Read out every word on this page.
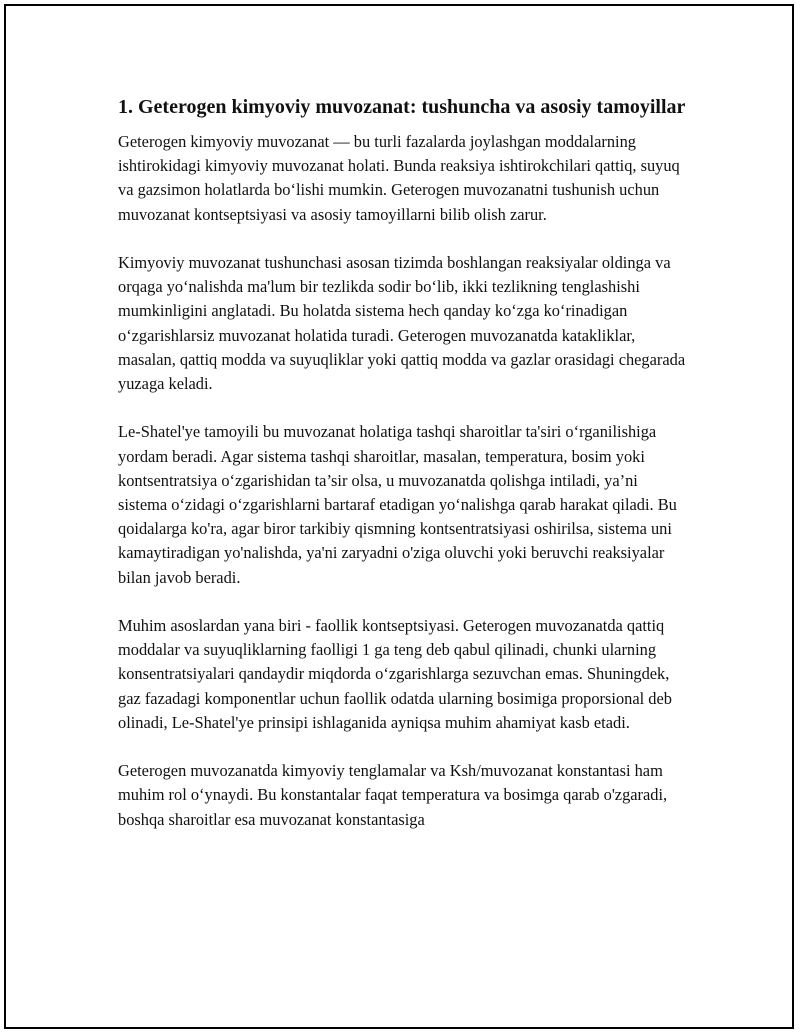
1. Geterogen kimyoviy muvozanat: tushuncha va asosiy tamoyillar

Geterogen kimyoviy muvozanat — bu turli fazalarda joylashgan moddalarning ishtirokidagi kimyoviy muvozanat holati. Bunda reaksiya ishtirokchilari qattiq, suyuq va gazsimon holatlarda bo‘lishi mumkin. Geterogen muvozanatni tushunish uchun muvozanat kontseptsiyasi va asosiy tamoyillarni bilib olish zarur.

Kimyoviy muvozanat tushunchasi asosan tizimda boshlangan reaksiyalar oldinga va orqaga yo‘nalishda ma'lum bir tezlikda sodir bo‘lib, ikki tezlikning tenglashishi mumkinligini anglatadi. Bu holatda sistema hech qanday ko‘zga ko‘rinadigan o‘zgarishlarsiz muvozanat holatida turadi. Geterogen muvozanatda katakliklar, masalan, qattiq modda va suyuqliklar yoki qattiq modda va gazlar orasidagi chegarada yuzaga keladi.

Le-Shatel'ye tamoyili bu muvozanat holatiga tashqi sharoitlar ta'siri o‘rganilishiga yordam beradi. Agar sistema tashqi sharoitlar, masalan, temperatura, bosim yoki kontsentratsiya o‘zgarishidan ta’sir olsa, u muvozanatda qolishga intiladi, ya’ni sistema o‘zidagi o‘zgarishlarni bartaraf etadigan yo‘nalishga qarab harakat qiladi. Bu qoidalarga ko'ra, agar biror tarkibiy qismning kontsentratsiyasi oshirilsa, sistema uni kamaytiradigan yo'nalishda, ya'ni zaryadni o'ziga oluvchi yoki beruvchi reaksiyalar bilan javob beradi.

Muhim asoslardan yana biri - faollik kontseptsiyasi. Geterogen muvozanatda qattiq moddalar va suyuqliklarning faolligi 1 ga teng deb qabul qilinadi, chunki ularning konsentratsiyalari qandaydir miqdorda o‘zgarishlarga sezuvchan emas. Shuningdek, gaz fazadagi komponentlar uchun faollik odatda ularning bosimiga proporsional deb olinadi, Le-Shatel'ye prinsipi ishlaganida ayniqsa muhim ahamiyat kasb etadi.

Geterogen muvozanatda kimyoviy tenglamalar va Ksh/muvozanat konstantasi ham muhim rol o‘ynaydi. Bu konstantalar faqat temperatura va bosimga qarab o'zgaradi, boshqa sharoitlar esa muvozanat konstantasiga
